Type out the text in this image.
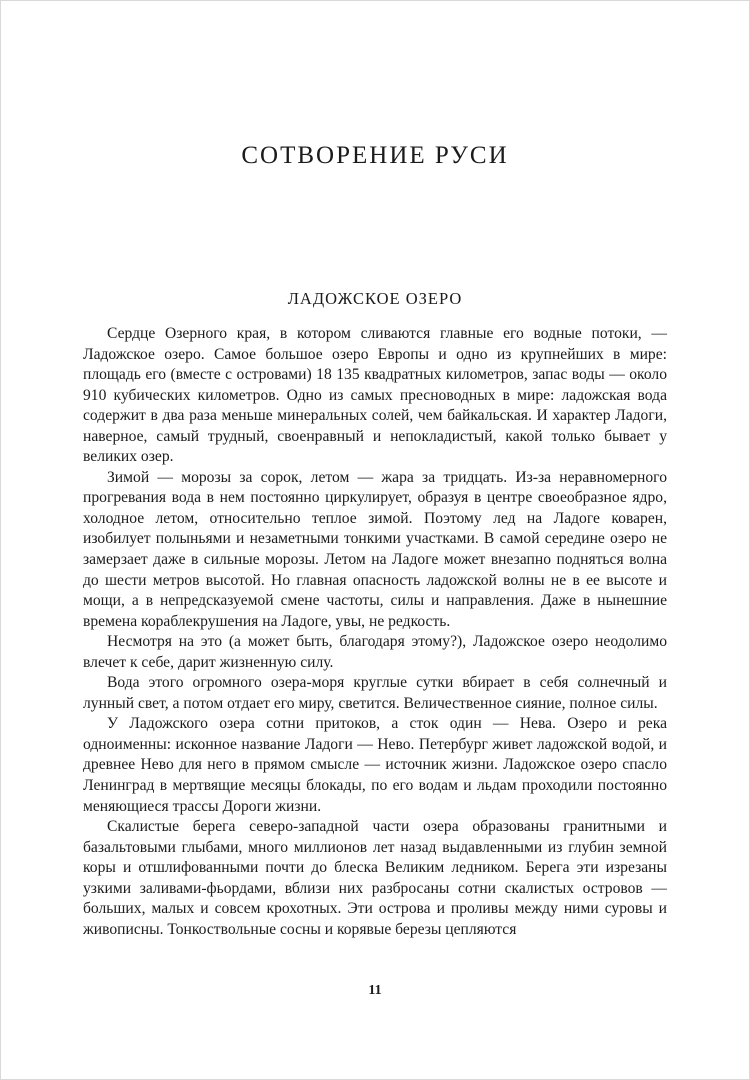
СОТВОРЕНИЕ РУСИ
ЛАДОЖСКОЕ ОЗЕРО

Сердце Озерного края, в котором сливаются главные его водные потоки, — Ладожское озеро. Самое большое озеро Европы и одно из крупнейших в мире: площадь его (вместе с островами) 18 135 квадратных километров, запас воды — около 910 кубических километров. Одно из самых пресноводных в мире: ладожская вода содержит в два раза меньше минеральных солей, чем байкальская. И характер Ладоги, наверное, самый трудный, своенравный и непокладистый, какой только бывает у великих озер.

Зимой — морозы за сорок, летом — жара за тридцать. Из-за неравномерного прогревания вода в нем постоянно циркулирует, образуя в центре своеобразное ядро, холодное летом, относительно теплое зимой. Поэтому лед на Ладоге коварен, изобилует полыньями и незаметными тонкими участками. В самой середине озеро не замерзает даже в сильные морозы. Летом на Ладоге может внезапно подняться волна до шести метров высотой. Но главная опасность ладожской волны не в ее высоте и мощи, а в непредсказуемой смене частоты, силы и направления. Даже в нынешние времена кораблекрушения на Ладоге, увы, не редкость.

Несмотря на это (а может быть, благодаря этому?), Ладожское озеро неодолимо влечет к себе, дарит жизненную силу.

Вода этого огромного озера-моря круглые сутки вбирает в себя солнечный и лунный свет, а потом отдает его миру, светится. Величественное сияние, полное силы.

У Ладожского озера сотни притоков, а сток один — Нева. Озеро и река одноименны: исконное название Ладоги — Нево. Петербург живет ладожской водой, и древнее Нево для него в прямом смысле — источник жизни. Ладожское озеро спасло Ленинград в мертвящие месяцы блокады, по его водам и льдам проходили постоянно меняющиеся трассы Дороги жизни.

Скалистые берега северо-западной части озера образованы гранитными и базальтовыми глыбами, много миллионов лет назад выдавленными из глубин земной коры и отшлифованными почти до блеска Великим ледником. Берега эти изрезаны узкими заливами-фьордами, вблизи них разбросаны сотни скалистых островов — больших, малых и совсем крохотных. Эти острова и проливы между ними суровы и живописны. Тонкоствольные сосны и корявые березы цепляются

11
